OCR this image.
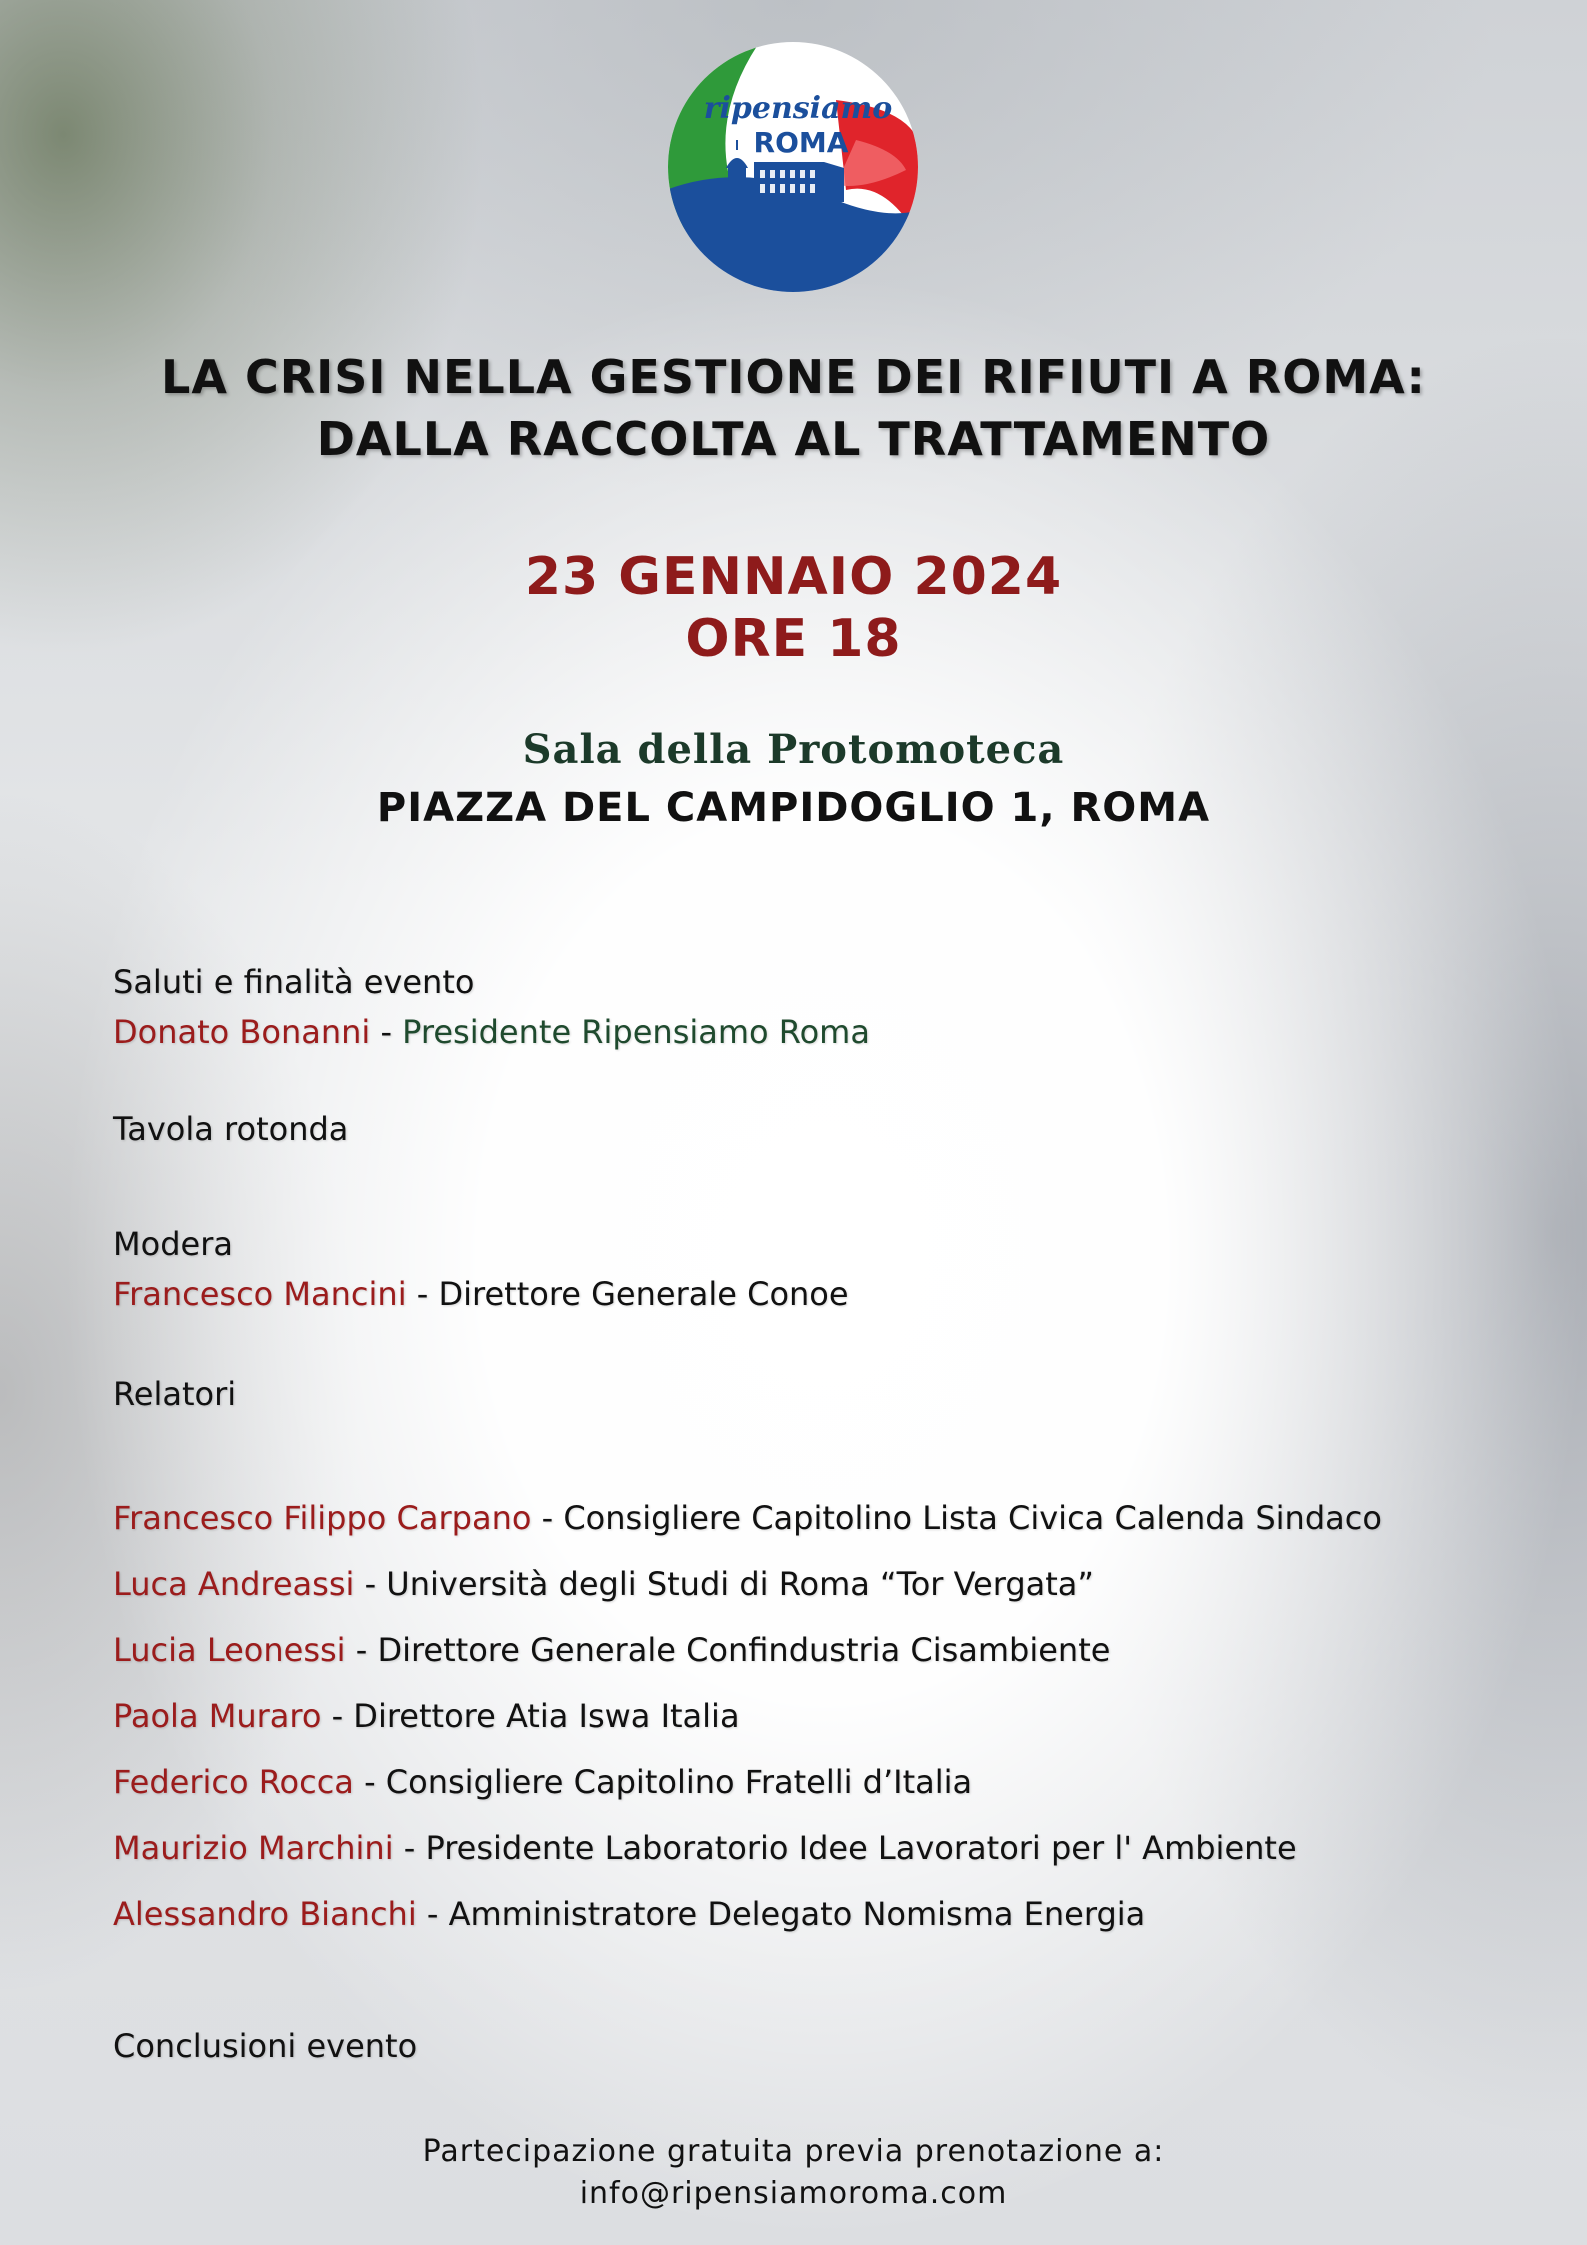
ripensiamo
ROMA
LA CRISI NELLA GESTIONE DEI RIFIUTI A ROMA:
DALLA RACCOLTA AL TRATTAMENTO
23 GENNAIO 2024
ORE 18
Sala della Protomoteca
PIAZZA DEL CAMPIDOGLIO 1, ROMA
Saluti e finalità evento
Donato Bonanni - Presidente Ripensiamo Roma
Tavola rotonda
Modera
Francesco Mancini - Direttore Generale Conoe
Relatori
Francesco Filippo Carpano - Consigliere Capitolino Lista Civica Calenda Sindaco
Luca Andreassi - Università degli Studi di Roma “Tor Vergata”
Lucia Leonessi - Direttore Generale Confindustria Cisambiente
Paola Muraro - Direttore Atia Iswa Italia
Federico Rocca - Consigliere Capitolino Fratelli d’Italia
Maurizio Marchini - Presidente Laboratorio Idee Lavoratori per l' Ambiente
Alessandro Bianchi - Amministratore Delegato Nomisma Energia
Conclusioni evento
Partecipazione gratuita previa prenotazione a:
info@ripensiamoroma.com
